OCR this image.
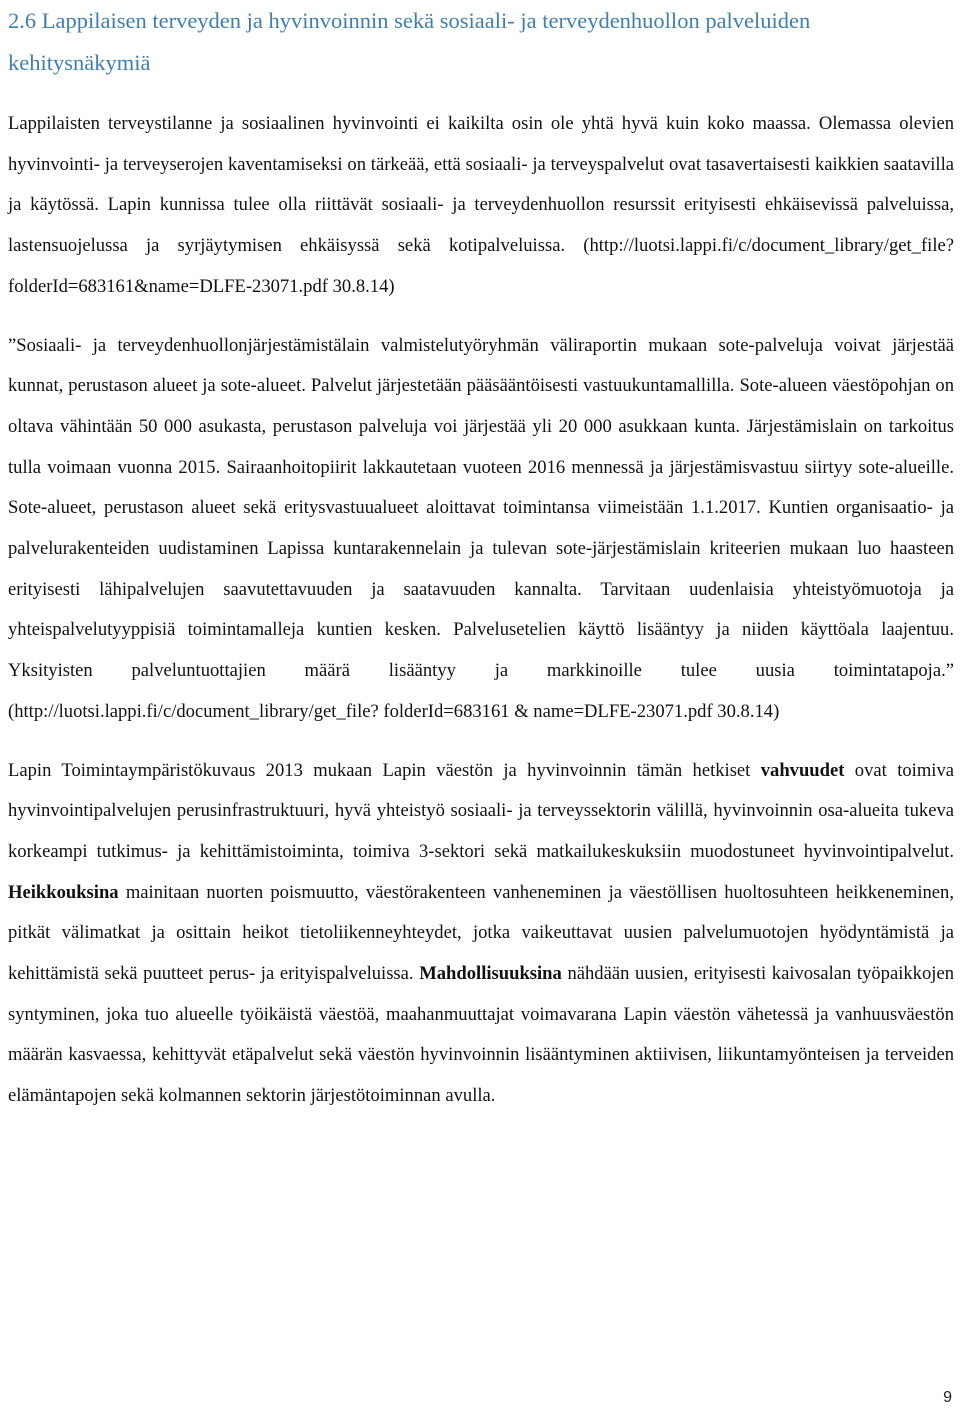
2.6 Lappilaisen terveyden ja hyvinvoinnin sekä sosiaali- ja terveydenhuollon palveluiden kehitysnäkymiä

Lappilaisten terveystilanne ja sosiaalinen hyvinvointi ei kaikilta osin ole yhtä hyvä kuin koko maassa. Olemassa olevien hyvinvointi- ja terveyserojen kaventamiseksi on tärkeää, että sosiaali- ja terveyspalvelut ovat tasavertaisesti kaikkien saatavilla ja käytössä. Lapin kunnissa tulee olla riittävät sosiaali- ja terveydenhuollon resurssit erityisesti ehkäisevissä palveluissa, lastensuojelussa ja syrjäytymisen ehkäisyssä sekä kotipalveluissa. (http://luotsi.lappi.fi/c/document_library/get_file? folderId=683161&name=DLFE-23071.pdf 30.8.14)

”Sosiaali- ja terveydenhuollonjärjestämistälain valmistelutyöryhmän väliraportin mukaan sote-palveluja voivat järjestää kunnat, perustason alueet ja sote-alueet. Palvelut järjestetään pääsääntöisesti vastuukuntamallilla. Sote-alueen väestöpohjan on oltava vähintään 50 000 asukasta, perustason palveluja voi järjestää yli 20 000 asukkaan kunta. Järjestämislain on tarkoitus tulla voimaan vuonna 2015. Sairaanhoitopiirit lakkautetaan vuoteen 2016 mennessä ja järjestämisvastuu siirtyy sote-alueille. Sote-alueet, perustason alueet sekä eritysvastuualueet aloittavat toimintansa viimeistään 1.1.2017. Kuntien organisaatio- ja palvelurakenteiden uudistaminen Lapissa kuntarakennelain ja tulevan sote-järjestämislain kriteerien mukaan luo haasteen erityisesti lähipalvelujen saavutettavuuden ja saatavuuden kannalta. Tarvitaan uudenlaisia yhteistyömuotoja ja yhteispalvelutyyppisiä toimintamalleja kuntien kesken. Palvelusetelien käyttö lisääntyy ja niiden käyttöala laajentuu. Yksityisten palveluntuottajien määrä lisääntyy ja markkinoille tulee uusia toimintatapoja.” (http://luotsi.lappi.fi/c/document_library/get_file? folderId=683161 & name=DLFE-23071.pdf 30.8.14)

Lapin Toimintaympäristökuvaus 2013 mukaan Lapin väestön ja hyvinvoinnin tämän hetkiset vahvuudet ovat toimiva hyvinvointipalvelujen perusinfrastruktuuri, hyvä yhteistyö sosiaali- ja terveyssektorin välillä, hyvinvoinnin osa-alueita tukeva korkeampi tutkimus- ja kehittämistoiminta, toimiva 3-sektori sekä matkailukeskuksiin muodostuneet hyvinvointipalvelut. Heikkouksina mainitaan nuorten poismuutto, väestörakenteen vanheneminen ja väestöllisen huoltosuhteen heikkeneminen, pitkät välimatkat ja osittain heikot tietoliikenneyhteydet, jotka vaikeuttavat uusien palvelumuotojen hyödyntämistä ja kehittämistä sekä puutteet perus- ja erityispalveluissa. Mahdollisuuksina nähdään uusien, erityisesti kaivosalan työpaikkojen syntyminen, joka tuo alueelle työikäistä väestöä, maahanmuuttajat voimavarana Lapin väestön vähetessä ja vanhuusväestön määrän kasvaessa, kehittyvät etäpalvelut sekä väestön hyvinvoinnin lisääntyminen aktiivisen, liikuntamyönteisen ja terveiden elämäntapojen sekä kolmannen sektorin järjestötoiminnan avulla.

9
